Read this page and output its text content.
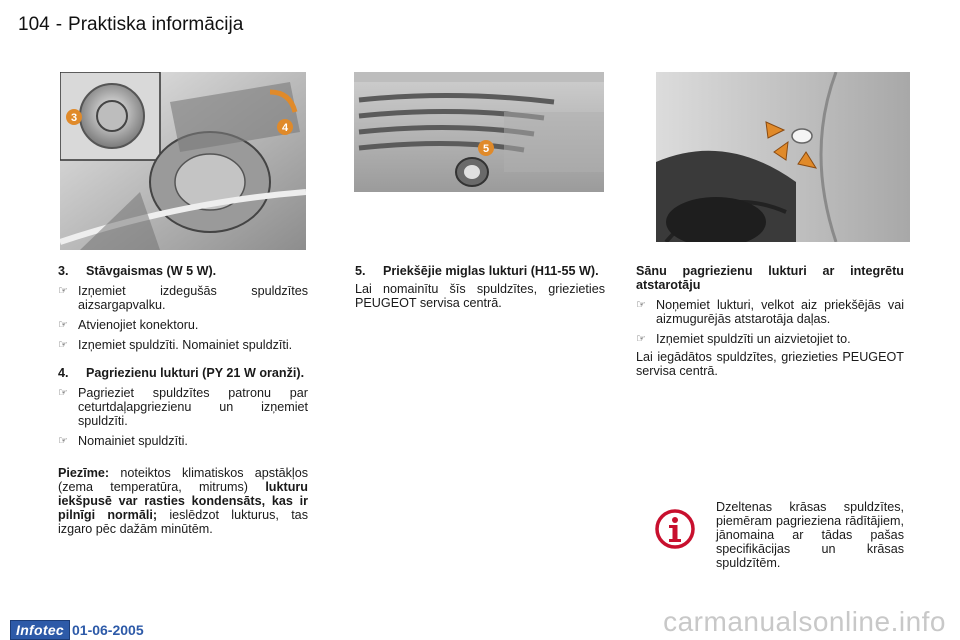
104 - Praktiska informācija
3
4
5
3.	Stāvgaismas (W 5 W).
☞ Izņemiet izdegušās spuldzītes aizsargapvalku.
☞ Atvienojiet konektoru.
☞ Izņemiet spuldzīti. Nomainiet spuldzīti.
4.	Pagriezienu lukturi (PY 21 W oranži).
☞ Pagrieziet spuldzītes patronu par ceturtdaļapgriezienu un izņemiet spuldzīti.
☞ Nomainiet spuldzīti.
Piezīme: noteiktos klimatiskos apstākļos (zema temperatūra, mitrums) lukturu iekšpusē var rasties kondensāts, kas ir pilnīgi normāli; ieslēdzot lukturus, tas izgaro pēc dažām minūtēm.
5.	Priekšējie miglas lukturi (H11-55 W).
Lai nomainītu šīs spuldzītes, griezieties PEUGEOT servisa centrā.
Sānu pagriezienu lukturi ar integrētu atstarotāju
☞ Noņemiet lukturi, velkot aiz priekšējās vai aizmugurējās atstarotāja daļas.
☞ Izņemiet spuldzīti un aizvietojiet to.
Lai iegādātos spuldzītes, griezieties PEUGEOT servisa centrā.
Dzeltenas krāsas spuldzītes, piemēram pagrieziena rādītājiem, jānomaina ar tādas pašas specifikācijas un krāsas spuldzītēm.
Infotec 01-06-2005	carmanualsonline.info
